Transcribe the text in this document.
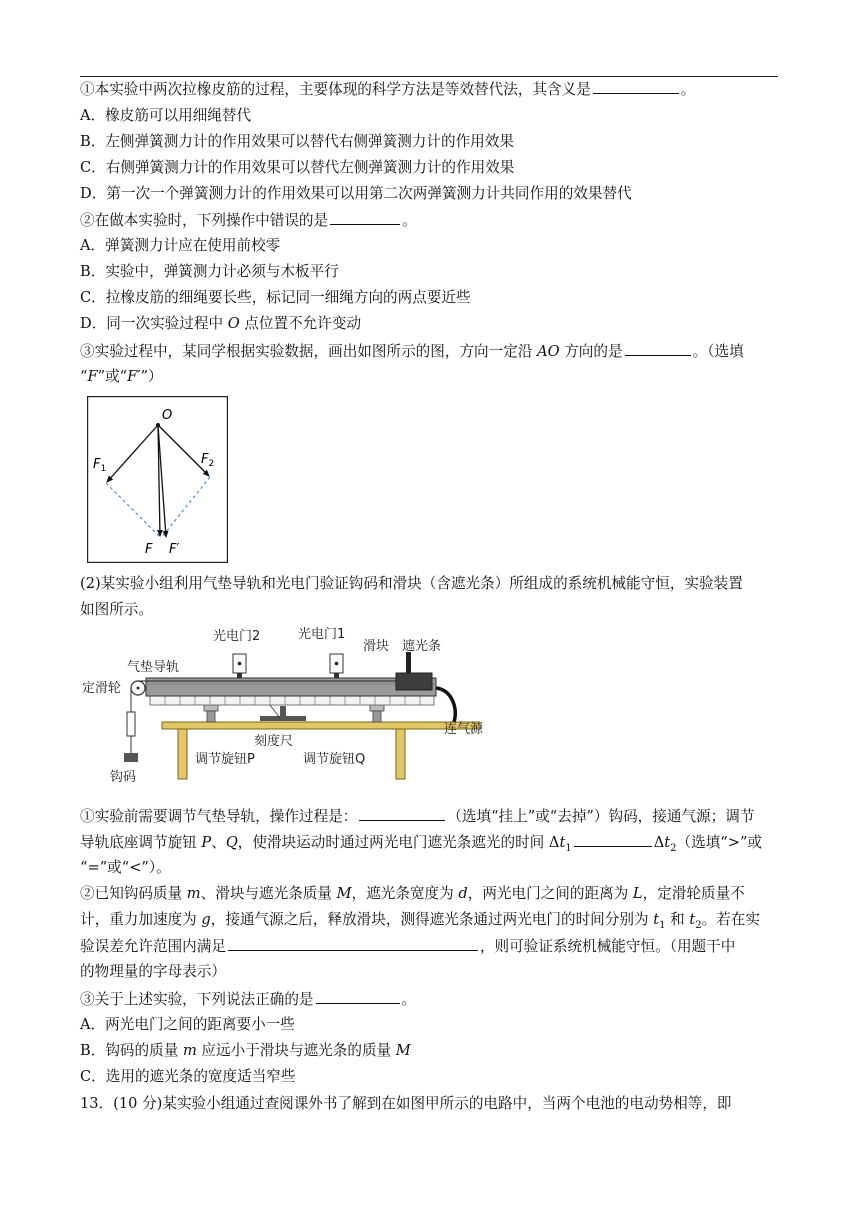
①本实验中两次拉橡皮筋的过程，主要体现的科学方法是等效替代法，其含义是	。
A．橡皮筋可以用细绳替代
B．左侧弹簧测力计的作用效果可以替代右侧弹簧测力计的作用效果
C．右侧弹簧测力计的作用效果可以替代左侧弹簧测力计的作用效果
D．第一次一个弹簧测力计的作用效果可以用第二次两弹簧测力计共同作用的效果替代
②在做本实验时，下列操作中错误的是	。
A．弹簧测力计应在使用前校零
B．实验中，弹簧测力计必须与木板平行
C．拉橡皮筋的细绳要长些，标记同一细绳方向的两点要近些
D．同一次实验过程中 O 点位置不允许变动
③实验过程中，某同学根据实验数据，画出如图所示的图，方向一定沿 AO 方向的是	。（选填
“F”或“F′”）
O
$F_1$
$F_2$
F F′
(2)某实验小组利用气垫导轨和光电门验证钩码和滑块（含遮光条）所组成的系统机械能守恒，实验装置
如图所示。
光电门2	光电门1
滑块 遮光条
气垫导轨
定滑轮
连气源
刻度尺
调节旋钮P	调节旋钮Q
钩码
①实验前需要调节气垫导轨，操作过程是：	（选填“挂上”或“去掉”）钩码，接通气源；调节
导轨底座调节旋钮 P、Q，使滑块运动时通过两光电门遮光条遮光的时间 $\Delta t_1$	$\Delta t_2$（选填“>”或
“=”或“<”）。
②已知钩码质量 m、滑块与遮光条质量 M，遮光条宽度为 d，两光电门之间的距离为 L，定滑轮质量不
计，重力加速度为 g，接通气源之后，释放滑块，测得遮光条通过两光电门的时间分别为 $t_1$ 和 $t_2$。若在实
验误差允许范围内满足	，则可验证系统机械能守恒。（用题干中
的物理量的字母表示）
③关于上述实验，下列说法正确的是	。
A．两光电门之间的距离要小一些
B．钩码的质量 m 应远小于滑块与遮光条的质量 M
C．选用的遮光条的宽度适当窄些
13．(10 分)某实验小组通过查阅课外书了解到在如图甲所示的电路中，当两个电池的电动势相等，即
